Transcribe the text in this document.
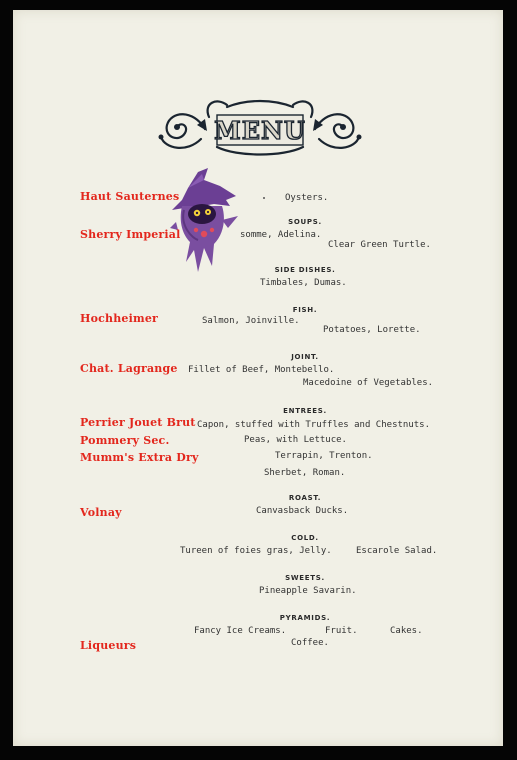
MENU
Haut Sauternes
Sherry Imperial
Hochheimer
Chat. Lagrange
Perrier Jouet Brut
Pommery Sec.
Mumm's Extra Dry
Volnay
Liqueurs
Oysters.
SOUPS.
somme, Adelina.
Clear Green Turtle.
SIDE DISHES.
Timbales, Dumas.
FISH.
Salmon, Joinville.
Potatoes, Lorette.
JOINT.
Fillet of Beef, Montebello.
Macedoine of Vegetables.
ENTREES.
Capon, stuffed with Truffles and Chestnuts.
Peas, with Lettuce.
Terrapin, Trenton.
Sherbet, Roman.
ROAST.
Canvasback Ducks.
COLD.
Tureen of foies gras, Jelly.	Escarole Salad.
SWEETS.
Pineapple Savarin.
PYRAMIDS.
Fancy Ice Creams.	Fruit.	Cakes.
Coffee.
